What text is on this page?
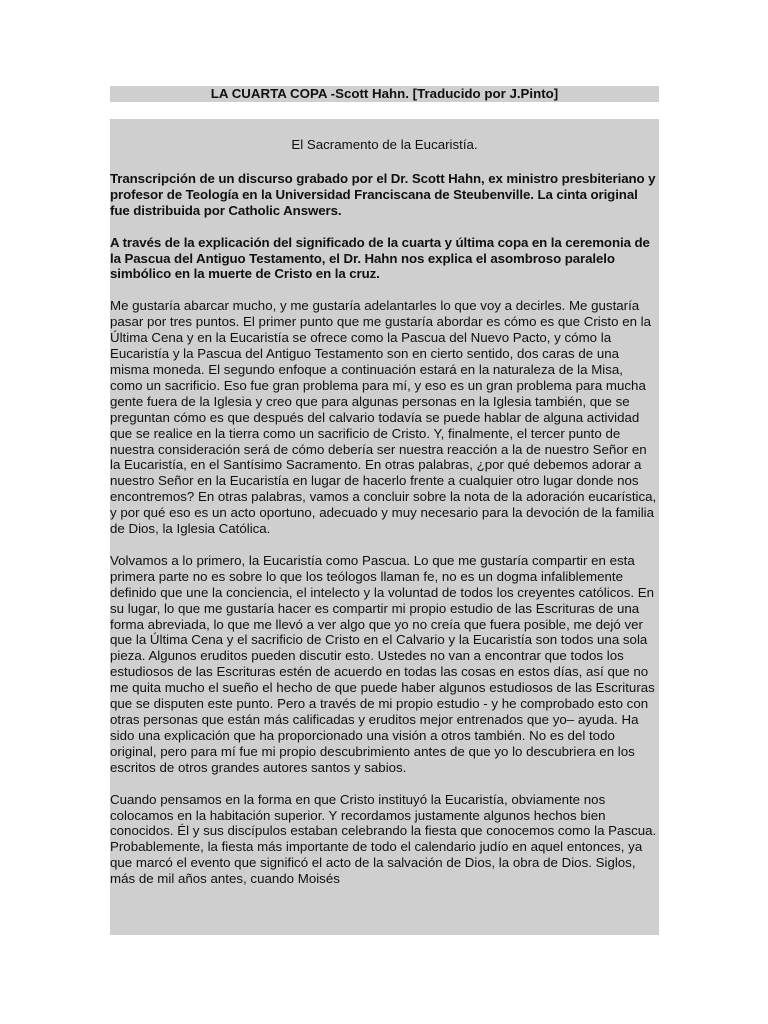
LA CUARTA COPA -Scott Hahn. [Traducido por J.Pinto]

El Sacramento de la Eucaristía.

Transcripción de un discurso grabado por el Dr. Scott Hahn, ex ministro presbiteriano y profesor de Teología en la Universidad Franciscana de Steubenville. La cinta original fue distribuida por Catholic Answers.

A través de la explicación del significado de la cuarta y última copa en la ceremonia de la Pascua del Antiguo Testamento, el Dr. Hahn nos explica el asombroso paralelo simbólico en la muerte de Cristo en la cruz.

Me gustaría abarcar mucho, y me gustaría adelantarles lo que voy a decirles. Me gustaría pasar por tres puntos. El primer punto que me gustaría abordar es cómo es que Cristo en la Última Cena y en la Eucaristía se ofrece como la Pascua del Nuevo Pacto, y cómo la Eucaristía y la Pascua del Antiguo Testamento son en cierto sentido, dos caras de una misma moneda. El segundo enfoque a continuación estará en la naturaleza de la Misa, como un sacrificio. Eso fue gran problema para mí, y eso es un gran problema para mucha gente fuera de la Iglesia y creo que para algunas personas en la Iglesia también, que se preguntan cómo es que después del calvario todavía se puede hablar de alguna actividad que se realice en la tierra como un sacrificio de Cristo. Y, finalmente, el tercer punto de nuestra consideración será de cómo debería ser nuestra reacción a la de nuestro Señor en la Eucaristía, en el Santísimo Sacramento. En otras palabras, ¿por qué debemos adorar a nuestro Señor en la Eucaristía en lugar de hacerlo frente a cualquier otro lugar donde nos encontremos? En otras palabras, vamos a concluir sobre la nota de la adoración eucarística, y por qué eso es un acto oportuno, adecuado y muy necesario para la devoción de la familia de Dios, la Iglesia Católica.

Volvamos a lo primero, la Eucaristía como Pascua. Lo que me gustaría compartir en esta primera parte no es sobre lo que los teólogos llaman fe, no es un dogma infaliblemente definido que une la conciencia, el intelecto y la voluntad de todos los creyentes católicos. En su lugar, lo que me gustaría hacer es compartir mi propio estudio de las Escrituras de una forma abreviada, lo que me llevó a ver algo que yo no creía que fuera posible, me dejó ver que la Última Cena y el sacrificio de Cristo en el Calvario y la Eucaristía son todos una sola pieza. Algunos eruditos pueden discutir esto. Ustedes no van a encontrar que todos los estudiosos de las Escrituras estén de acuerdo en todas las cosas en estos días, así que no me quita mucho el sueño el hecho de que puede haber algunos estudiosos de las Escrituras que se disputen este punto. Pero a través de mi propio estudio - y he comprobado esto con otras personas que están más calificadas y eruditos mejor entrenados que yo– ayuda. Ha sido una explicación que ha proporcionado una visión a otros también. No es del todo original, pero para mí fue mi propio descubrimiento antes de que yo lo descubriera en los escritos de otros grandes autores santos y sabios.

Cuando pensamos en la forma en que Cristo instituyó la Eucaristía, obviamente nos colocamos en la habitación superior. Y recordamos justamente algunos hechos bien conocidos. Él y sus discípulos estaban celebrando la fiesta que conocemos como la Pascua. Probablemente, la fiesta más importante de todo el calendario judío en aquel entonces, ya que marcó el evento que significó el acto de la salvación de Dios, la obra de Dios. Siglos, más de mil años antes, cuando Moisés
